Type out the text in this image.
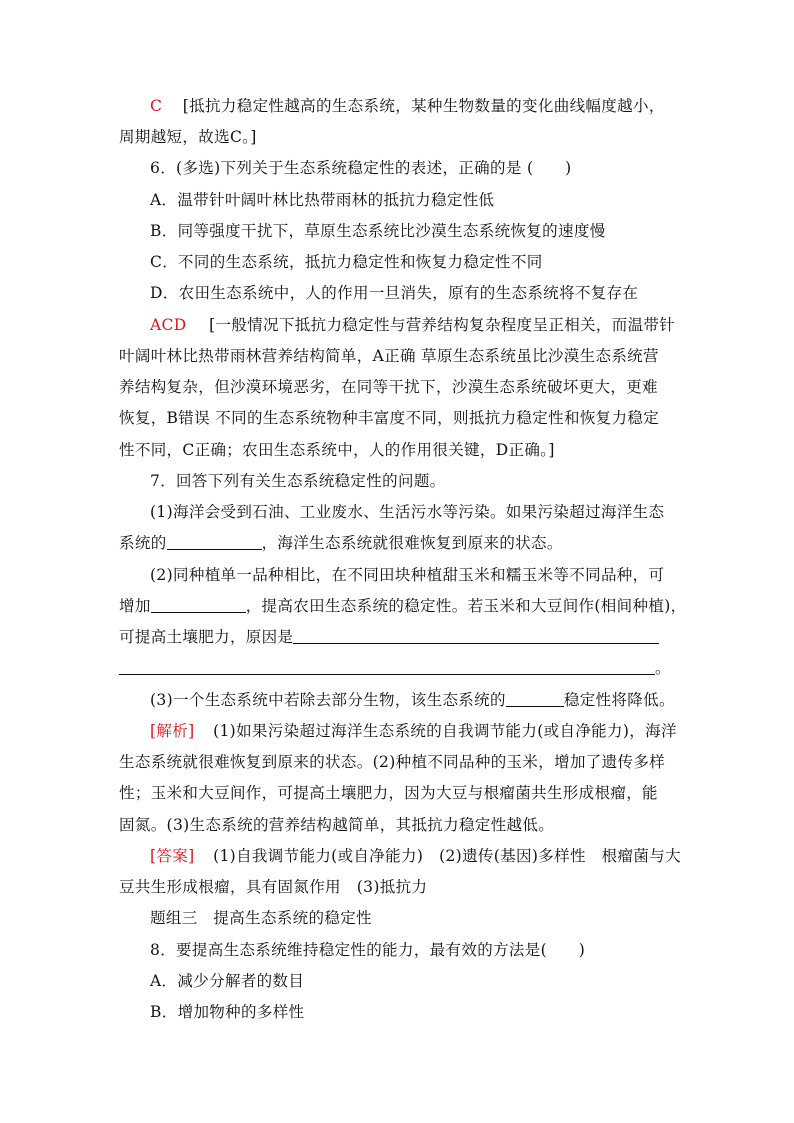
C [抵抗力稳定性越高的生态系统，某种生物数量的变化曲线幅度越小，
周期越短，故选C。]
6．(多选)下列关于生态系统稳定性的表述，正确的是 (　　)
A．温带针叶阔叶林比热带雨林的抵抗力稳定性低
B．同等强度干扰下，草原生态系统比沙漠生态系统恢复的速度慢
C．不同的生态系统，抵抗力稳定性和恢复力稳定性不同
D．农田生态系统中，人的作用一旦消失，原有的生态系统将不复存在
ACD [一般情况下抵抗力稳定性与营养结构复杂程度呈正相关，而温带针
叶阔叶林比热带雨林营养结构简单，A正确 草原生态系统虽比沙漠生态系统营
养结构复杂，但沙漠环境恶劣，在同等干扰下，沙漠生态系统破坏更大，更难
恢复，B错误 不同的生态系统物种丰富度不同，则抵抗力稳定性和恢复力稳定
性不同，C正确；农田生态系统中，人的作用很关键，D正确。]
7．回答下列有关生态系统稳定性的问题。
(1)海洋会受到石油、工业废水、生活污水等污染。如果污染超过海洋生态
系统的	，海洋生态系统就很难恢复到原来的状态。
(2)同种植单一品种相比，在不同田块种植甜玉米和糯玉米等不同品种，可
增加	，提高农田生态系统的稳定性。若玉米和大豆间作(相间种植)，
可提高土壤肥力，原因是
。
(3)一个生态系统中若除去部分生物，该生态系统的	稳定性将降低。
[解析] (1)如果污染超过海洋生态系统的自我调节能力(或自净能力)，海洋
生态系统就很难恢复到原来的状态。(2)种植不同品种的玉米，增加了遗传多样
性；玉米和大豆间作，可提高土壤肥力，因为大豆与根瘤菌共生形成根瘤，能
固氮。(3)生态系统的营养结构越简单，其抵抗力稳定性越低。
[答案] (1)自我调节能力(或自净能力)　(2)遗传(基因)多样性　根瘤菌与大
豆共生形成根瘤，具有固氮作用　(3)抵抗力
题组三　提高生态系统的稳定性
8．要提高生态系统维持稳定性的能力，最有效的方法是(　　)
A．减少分解者的数目
B．增加物种的多样性
